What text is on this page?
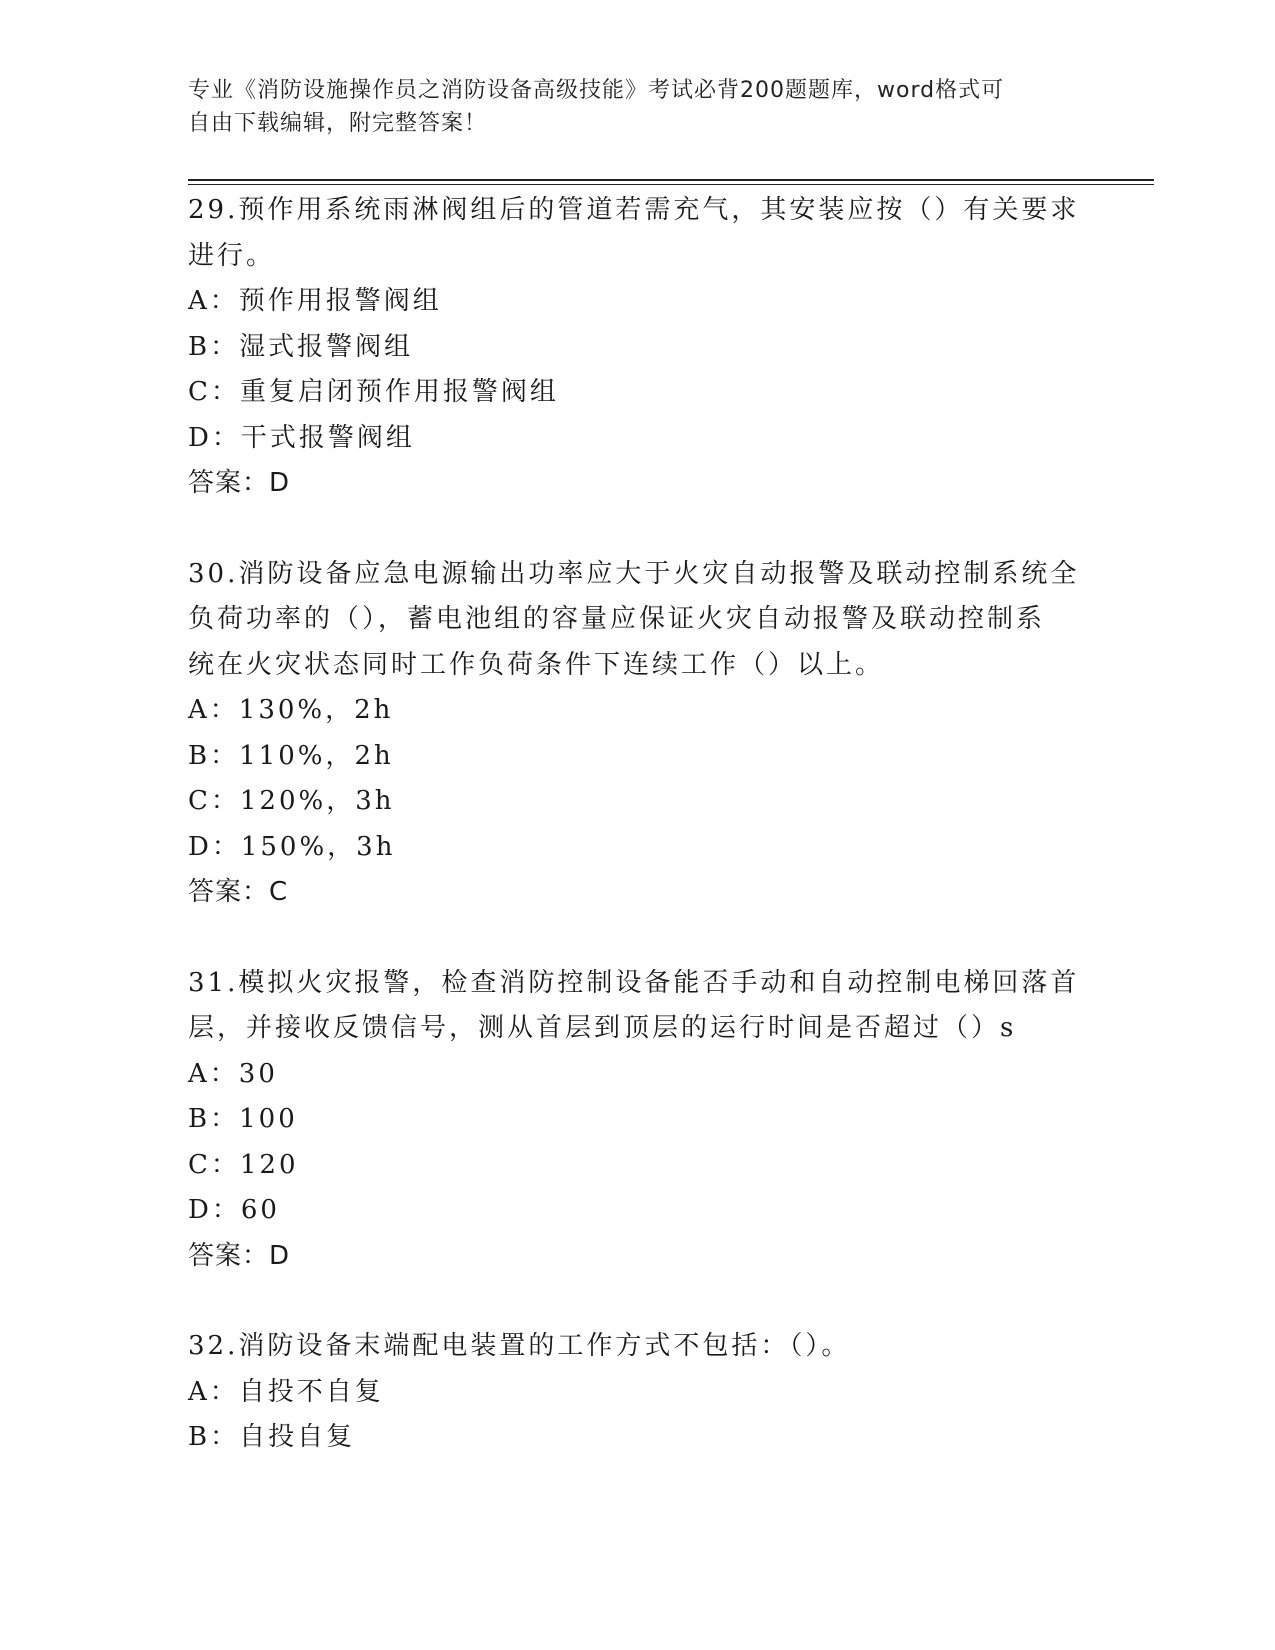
专业《消防设施操作员之消防设备高级技能》考试必背200题题库，word格式可
自由下载编辑，附完整答案！

29.预作用系统雨淋阀组后的管道若需充气，其安装应按（）有关要求

进行。

A：预作用报警阀组

B：湿式报警阀组

C：重复启闭预作用报警阀组

D：干式报警阀组

答案：D

30.消防设备应急电源输出功率应大于火灾自动报警及联动控制系统全

负荷功率的（），蓄电池组的容量应保证火灾自动报警及联动控制系

统在火灾状态同时工作负荷条件下连续工作（）以上。

A：130%，2h

B：110%，2h

C：120%，3h

D：150%，3h

答案：C

31.模拟火灾报警，检查消防控制设备能否手动和自动控制电梯回落首

层，并接收反馈信号，测从首层到顶层的运行时间是否超过（）s

A：30

B：100

C：120

D：60

答案：D

32.消防设备末端配电装置的工作方式不包括：（）。

A：自投不自复

B：自投自复
